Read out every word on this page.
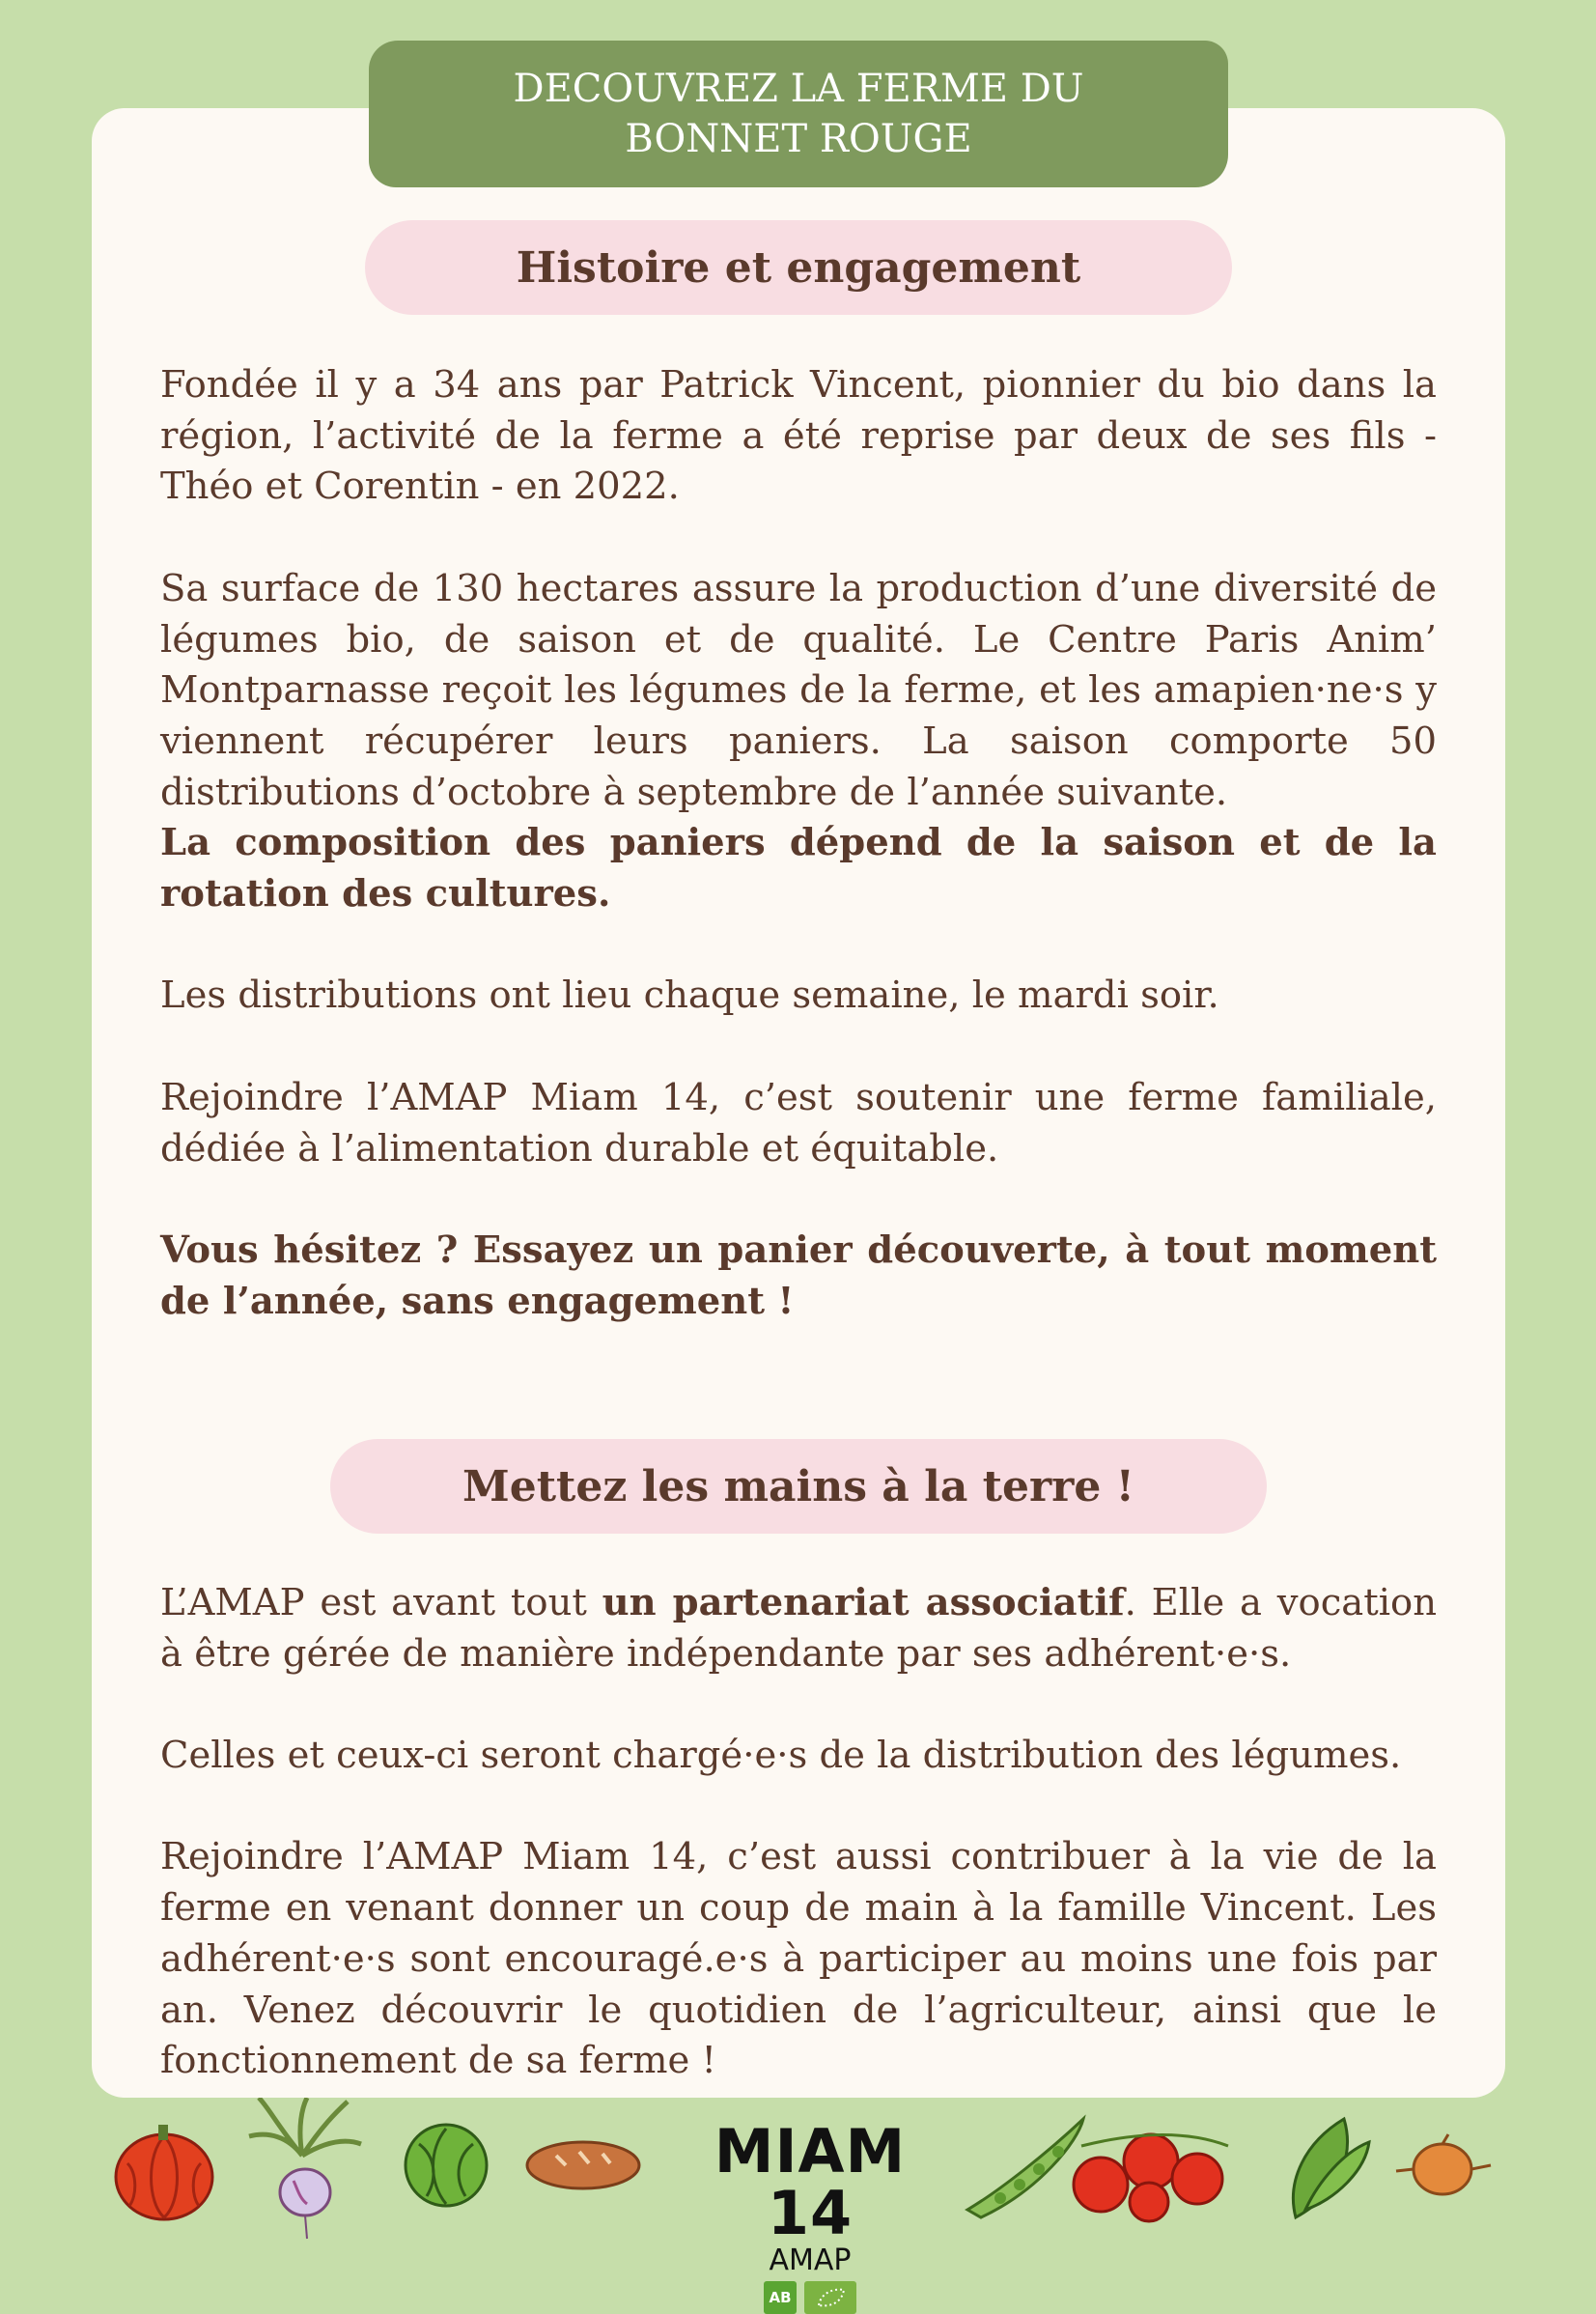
DECOUVREZ LA FERME DU
BONNET ROUGE
Histoire et engagement

Fondée il y a 34 ans par Patrick Vincent, pionnier du bio dans la région, l’activité de la ferme a été reprise par deux de ses fils - Théo et Corentin - en 2022.

Sa surface de 130 hectares assure la production d’une diversité de légumes bio, de saison et de qualité. Le Centre Paris Anim’ Montparnasse reçoit les légumes de la ferme, et les amapien·ne·s y viennent récupérer leurs paniers. La saison comporte 50 distributions d’octobre à septembre de l’année suivante.

La composition des paniers dépend de la saison et de la rotation des cultures.

Les distributions ont lieu chaque semaine, le mardi soir.

Rejoindre l’AMAP Miam 14, c’est soutenir une ferme familiale, dédiée à l’alimentation durable et équitable.

Vous hésitez ? Essayez un panier découverte, à tout moment de l’année, sans engagement !

Mettez les mains à la terre !

L’AMAP est avant tout un partenariat associatif. Elle a vocation à être gérée de manière indépendante par ses adhérent·e·s.

Celles et ceux-ci seront chargé·e·s de la distribution des légumes.

Rejoindre l’AMAP Miam 14, c’est aussi contribuer à la vie de la ferme en venant donner un coup de main à la famille Vincent. Les adhérent·e·s sont encouragé.e·s à participer au moins une fois par an. Venez découvrir le quotidien de l’agriculteur, ainsi que le fonctionnement de sa ferme !

MIAM 14
AMAP
AB
